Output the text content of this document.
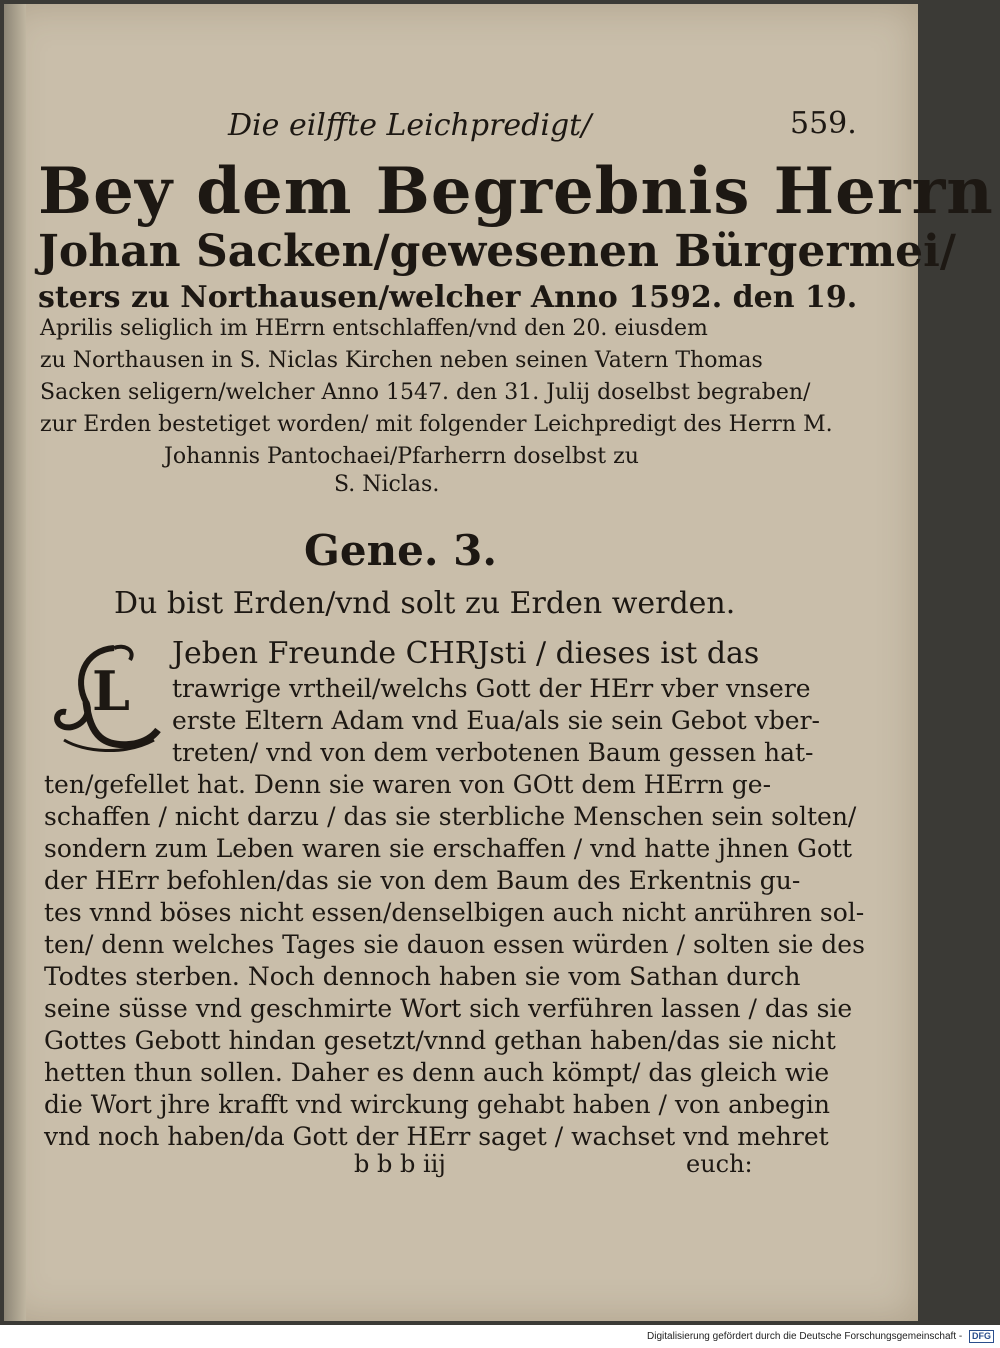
Die eilffte Leichpredigt/	559.
Bey dem Begrebnis Herrn
Johan Sacken/gewesenen Bürgermei/
sters zu Northausen/welcher Anno 1592. den 19.
Aprilis seliglich im HErrn entschlaffen/vnd den 20. eiusdem
zu Northausen in S. Niclas Kirchen neben seinen Vatern Thomas
Sacken seligern/welcher Anno 1547. den 31. Julij doselbst begraben/
zur Erden bestetiget worden/ mit folgender Leichpredigt des Herrn M.
Johannis Pantochaei/Pfarherrn doselbst zu
S. Niclas.
Gene. 3.
Du bist Erden/vnd solt zu Erden werden.
L
Jeben Freunde CHRJsti / dieses ist das
trawrige vrtheil/welchs Gott der HErr vber vnsere
erste Eltern Adam vnd Eua/als sie sein Gebot vber-
treten/ vnd von dem verbotenen Baum gessen hat-
ten/gefellet hat. Denn sie waren von GOtt dem HErrn ge-
schaffen / nicht darzu / das sie sterbliche Menschen sein solten/
sondern zum Leben waren sie erschaffen / vnd hatte jhnen Gott
der HErr befohlen/das sie von dem Baum des Erkentnis gu-
tes vnnd böses nicht essen/denselbigen auch nicht anrühren sol-
ten/ denn welches Tages sie dauon essen würden / solten sie des
Todtes sterben. Noch dennoch haben sie vom Sathan durch
seine süsse vnd geschmirte Wort sich verführen lassen / das sie
Gottes Gebott hindan gesetzt/vnnd gethan haben/das sie nicht
hetten thun sollen. Daher es denn auch kömpt/ das gleich wie
die Wort jhre krafft vnd wirckung gehabt haben / von anbegin
vnd noch haben/da Gott der HErr saget / wachset vnd mehret
b b b iij	euch:
Digitalisierung gefördert durch die Deutsche Forschungsgemeinschaft - DFG
